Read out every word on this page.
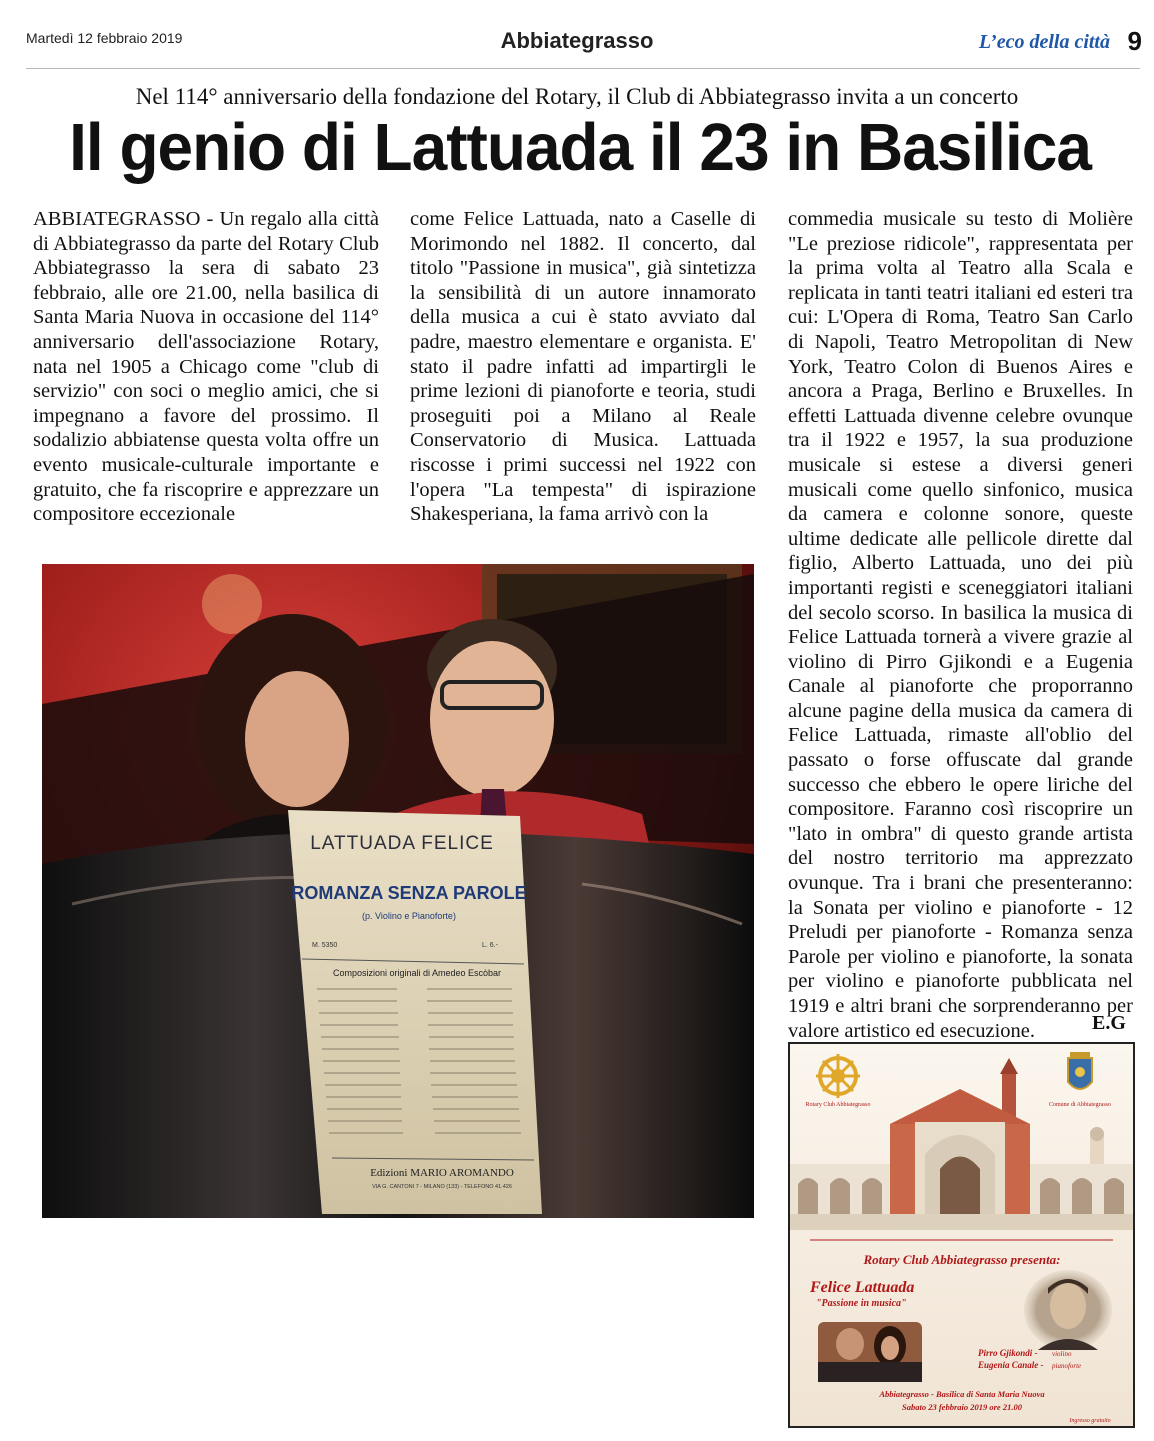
Martedì 12 febbraio 2019	Abbiategrasso	L’eco della città 9
Nel 114° anniversario della fondazione del Rotary, il Club di Abbiategrasso invita a un concerto
Il genio di Lattuada il 23 in Basilica
ABBIATEGRASSO - Un regalo alla città di Abbiategrasso da parte del Rotary Club Abbiategrasso la sera di sabato 23 febbraio, alle ore 21.00, nella basilica di Santa Maria Nuova in occasione del 114° anniversario dell'associazione Rotary, nata nel 1905 a Chicago come "club di servizio" con soci o meglio amici, che si impegnano a favore del prossimo. Il sodalizio abbiatense questa volta offre un evento musicale-culturale importante e gratuito, che fa riscoprire e apprezzare un compositore eccezionale
come Felice Lattuada, nato a Caselle di Morimondo nel 1882. Il concerto, dal titolo "Passione in musica", già sintetizza la sensibilità di un autore innamorato della musica a cui è stato avviato dal padre, maestro elementare e organista. E' stato il padre infatti ad impartirgli le prime lezioni di pianoforte e teoria, studi proseguiti poi a Milano al Reale Conservatorio di Musica. Lattuada riscosse i primi successi nel 1922 con l'opera "La tempesta" di ispirazione Shakesperiana, la fama arrivò con la
commedia musicale su testo di Molière "Le preziose ridicole", rappresentata per la prima volta al Teatro alla Scala e replicata in tanti teatri italiani ed esteri tra cui: L'Opera di Roma, Teatro San Carlo di Napoli, Teatro Metropolitan di New York, Teatro Colon di Buenos Aires e ancora a Praga, Berlino e Bruxelles. In effetti Lattuada divenne celebre ovunque tra il 1922 e 1957, la sua produzione musicale si estese a diversi generi musicali come quello sinfonico, musica da camera e colonne sonore, queste ultime dedicate alle pellicole dirette dal figlio, Alberto Lattuada, uno dei più importanti registi e sceneggiatori italiani del secolo scorso. In basilica la musica di Felice Lattuada tornerà a vivere grazie al violino di Pirro Gjikondi e a Eugenia Canale al pianoforte che proporranno alcune pagine della musica da camera di Felice Lattuada, rimaste all'oblio del passato o forse offuscate dal grande successo che ebbero le opere liriche del compositore. Faranno così riscoprire un "lato in ombra" di questo grande artista del nostro territorio ma apprezzato ovunque. Tra i brani che presenteranno: la Sonata per violino e pianoforte - 12 Preludi per pianoforte - Romanza senza Parole per violino e pianoforte, la sonata per violino e pianoforte pubblicata nel 1919 e altri brani che sorprenderanno per valore artistico ed esecuzione.	E.G
LATTUADA FELICE
ROMANZA SENZA PAROLE
(p. Violino e Pianoforte)
M. 5350	L. 6.-
Composizioni originali di Amedeo Escòbar
Edizioni MARIO AROMANDO
VIA G. CANTONI 7 - MILANO (133) - TELEFONO 41.426
Rotary Club Abbiategrasso	Comune di Abbiategrasso
Rotary Club Abbiategrasso presenta:
Felice Lattuada
"Passione in musica"
Pirro Gjikondi - violino
Eugenia Canale - pianoforte
Abbiategrasso - Basilica di Santa Maria Nuova
Sabato 23 febbraio 2019 ore 21.00
Ingresso gratuito
